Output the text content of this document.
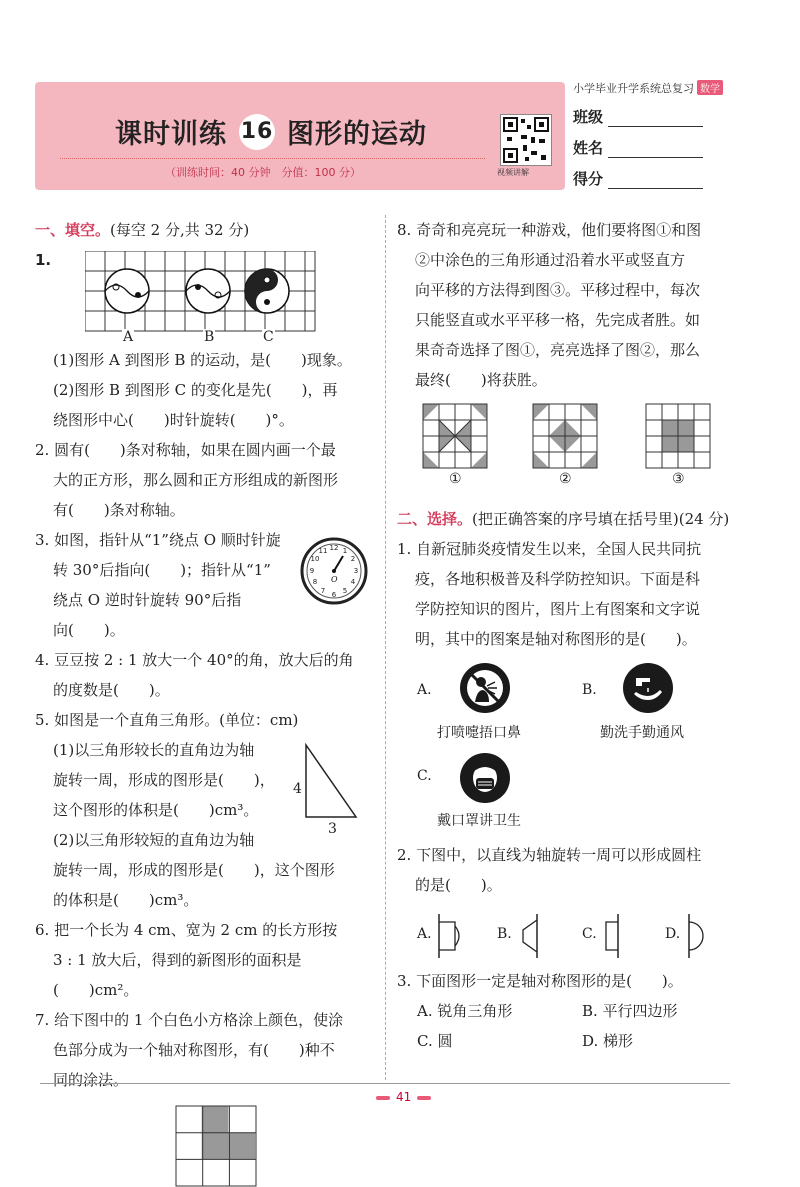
课时训练 16 图形的运动
（训练时间：40 分钟　分值：100 分）	视频讲解
小学毕业升学系统总复习 数学
班级
姓名
得分

一、填空。(每空 2 分,共 32 分)

1.
A	B	C

(1)图形 A 到图形 B 的运动，是(　　)现象。

(2)图形 B 到图形 C 的变化是先(　　)，再

绕图形中心(　　)时针旋转(　　)°。

2. 圆有(　　)条对称轴，如果在圆内画一个最

大的正方形，那么圆和正方形组成的新图形

有(　　)条对称轴。

3. 如图，指针从“1”绕点 O 顺时针旋

转 30°后指向(　　)；指针从“1”

绕点 O 逆时针旋转 90°后指

向(　　)。

12 1
2
3
4
5
6
7
8
9
10
11
O

4. 豆豆按 2 : 1 放大一个 40°的角，放大后的角

的度数是(　　)。

5. 如图是一个直角三角形。(单位：cm)

(1)以三角形较长的直角边为轴

旋转一周，形成的图形是(　　)，

这个图形的体积是(　　)cm³。

(2)以三角形较短的直角边为轴

旋转一周，形成的图形是(　　)，这个图形

的体积是(　　)cm³。

4
3

6. 把一个长为 4 cm、宽为 2 cm 的长方形按

3 : 1 放大后，得到的新图形的面积是

(　　)cm²。

7. 给下图中的 1 个白色小方格涂上颜色，使涂

色部分成为一个轴对称图形，有(　　)种不

同的涂法。

8. 奇奇和亮亮玩一种游戏，他们要将图①和图

②中涂色的三角形通过沿着水平或竖直方

向平移的方法得到图③。平移过程中，每次

只能竖直或水平平移一格，先完成者胜。如

果奇奇选择了图①，亮亮选择了图②，那么

最终(　　)将获胜。

①	②	③

二、选择。(把正确答案的序号填在括号里)(24 分)

1. 自新冠肺炎疫情发生以来，全国人民共同抗

疫，各地积极普及科学防控知识。下面是科

学防控知识的图片，图片上有图案和文字说

明，其中的图案是轴对称图形的是(　　)。

A.
打喷嚏捂口鼻
B.
勤洗手勤通风
C.
戴口罩讲卫生

2. 下图中，以直线为轴旋转一周可以形成圆柱

的是(　　)。

A.	B.	C.	D.

3. 下面图形一定是轴对称图形的是(　　)。

A. 锐角三角形	B. 平行四边形
C. 圆	D. 梯形
41
